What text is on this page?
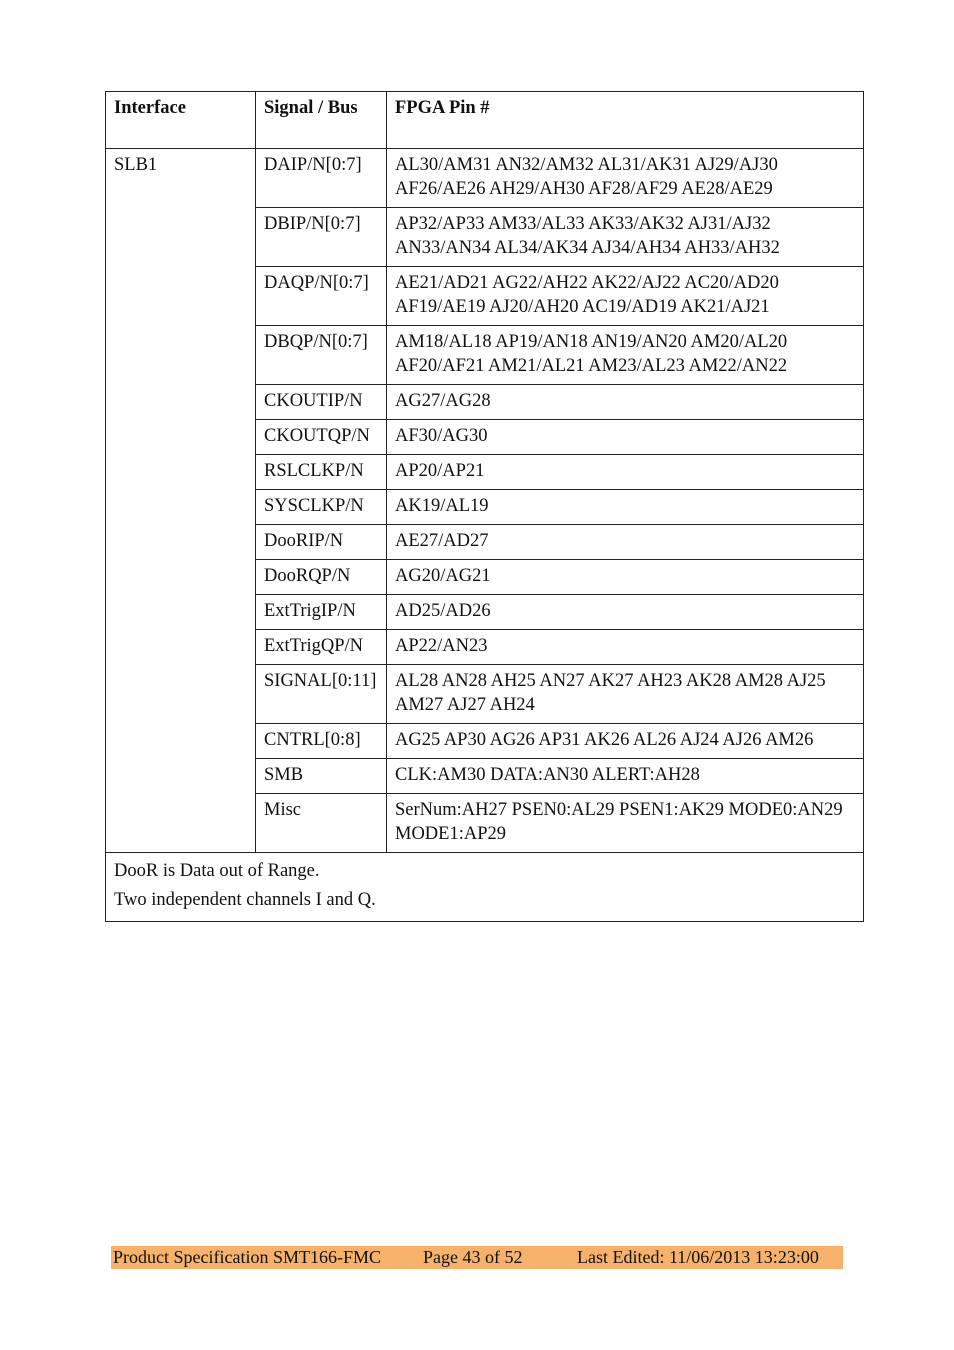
Interface	Signal / Bus	FPGA Pin #
SLB1	DAIP/N[0:7]	AL30/AM31 AN32/AM32 AL31/AK31 AJ29/AJ30 AF26/AE26 AH29/AH30 AF28/AF29 AE28/AE29
	DBIP/N[0:7]	AP32/AP33 AM33/AL33 AK33/AK32 AJ31/AJ32 AN33/AN34 AL34/AK34 AJ34/AH34 AH33/AH32
	DAQP/N[0:7]	AE21/AD21 AG22/AH22 AK22/AJ22 AC20/AD20 AF19/AE19 AJ20/AH20 AC19/AD19 AK21/AJ21
	DBQP/N[0:7]	AM18/AL18 AP19/AN18 AN19/AN20 AM20/AL20 AF20/AF21 AM21/AL21 AM23/AL23 AM22/AN22
	CKOUTIP/N	AG27/AG28
	CKOUTQP/N	AF30/AG30
	RSLCLKP/N	AP20/AP21
	SYSCLKP/N	AK19/AL19
	DooRIP/N	AE27/AD27
	DooRQP/N	AG20/AG21
	ExtTrigIP/N	AD25/AD26
	ExtTrigQP/N	AP22/AN23
	SIGNAL[0:11]	AL28 AN28 AH25 AN27 AK27 AH23 AK28 AM28 AJ25 AM27 AJ27 AH24
	CNTRL[0:8]	AG25 AP30 AG26 AP31 AK26 AL26 AJ24 AJ26 AM26
	SMB	CLK:AM30 DATA:AN30 ALERT:AH28
	Misc	SerNum:AH27 PSEN0:AL29 PSEN1:AK29 MODE0:AN29 MODE1:AP29

DooR is Data out of Range.
Two independent channels I and Q.		
Product Specification SMT166-FMC Page 43 of 52	Last Edited: 11/06/2013 13:23:00
